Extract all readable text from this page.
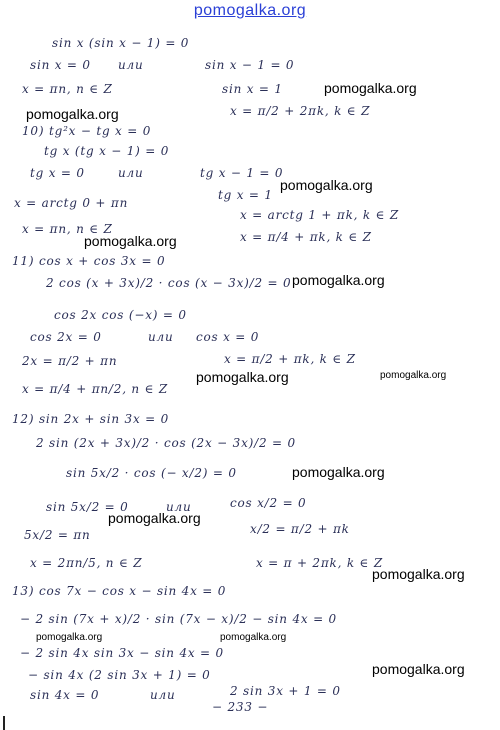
pomogalka.org
sin x (sin x − 1) = 0
sin x = 0 или	sin x − 1 = 0
x = πn, n ∈ Z	sin x = 1
x = π/2 + 2πk, k ∈ Z
10) tg²x − tg x = 0
tg x (tg x − 1) = 0
tg x = 0	или	tg x − 1 = 0
tg x = 1
x = arctg 0 + πn
x = arctg 1 + πk, k ∈ Z
x = πn, n ∈ Z
x = π/4 + πk, k ∈ Z
11) cos x + cos 3x = 0
2 cos (x + 3x)/2 · cos (x − 3x)/2 = 0
cos 2x cos (−x) = 0
cos 2x = 0	или cos x = 0
2x = π/2 + πn	x = π/2 + πk, k ∈ Z
x = π/4 + πn/2, n ∈ Z
12) sin 2x + sin 3x = 0
2 sin (2x + 3x)/2 · cos (2x − 3x)/2 = 0
sin 5x/2 · cos (− x/2) = 0
sin 5x/2 = 0	или	cos x/2 = 0
5x/2 = πn	x/2 = π/2 + πk
x = 2πn/5, n ∈ Z	x = π + 2πk, k ∈ Z
13) cos 7x − cos x − sin 4x = 0
− 2 sin (7x + x)/2 · sin (7x − x)/2 − sin 4x = 0
− 2 sin 4x sin 3x − sin 4x = 0
− sin 4x (2 sin 3x + 1) = 0
sin 4x = 0	или	2 sin 3x + 1 = 0
− 233 −
pomogalka.org
pomogalka.org
pomogalka.org
pomogalka.org
pomogalka.org
pomogalka.org	pomogalka.org
pomogalka.org
pomogalka.org
pomogalka.org
pomogalka.org	pomogalka.org
pomogalka.org
